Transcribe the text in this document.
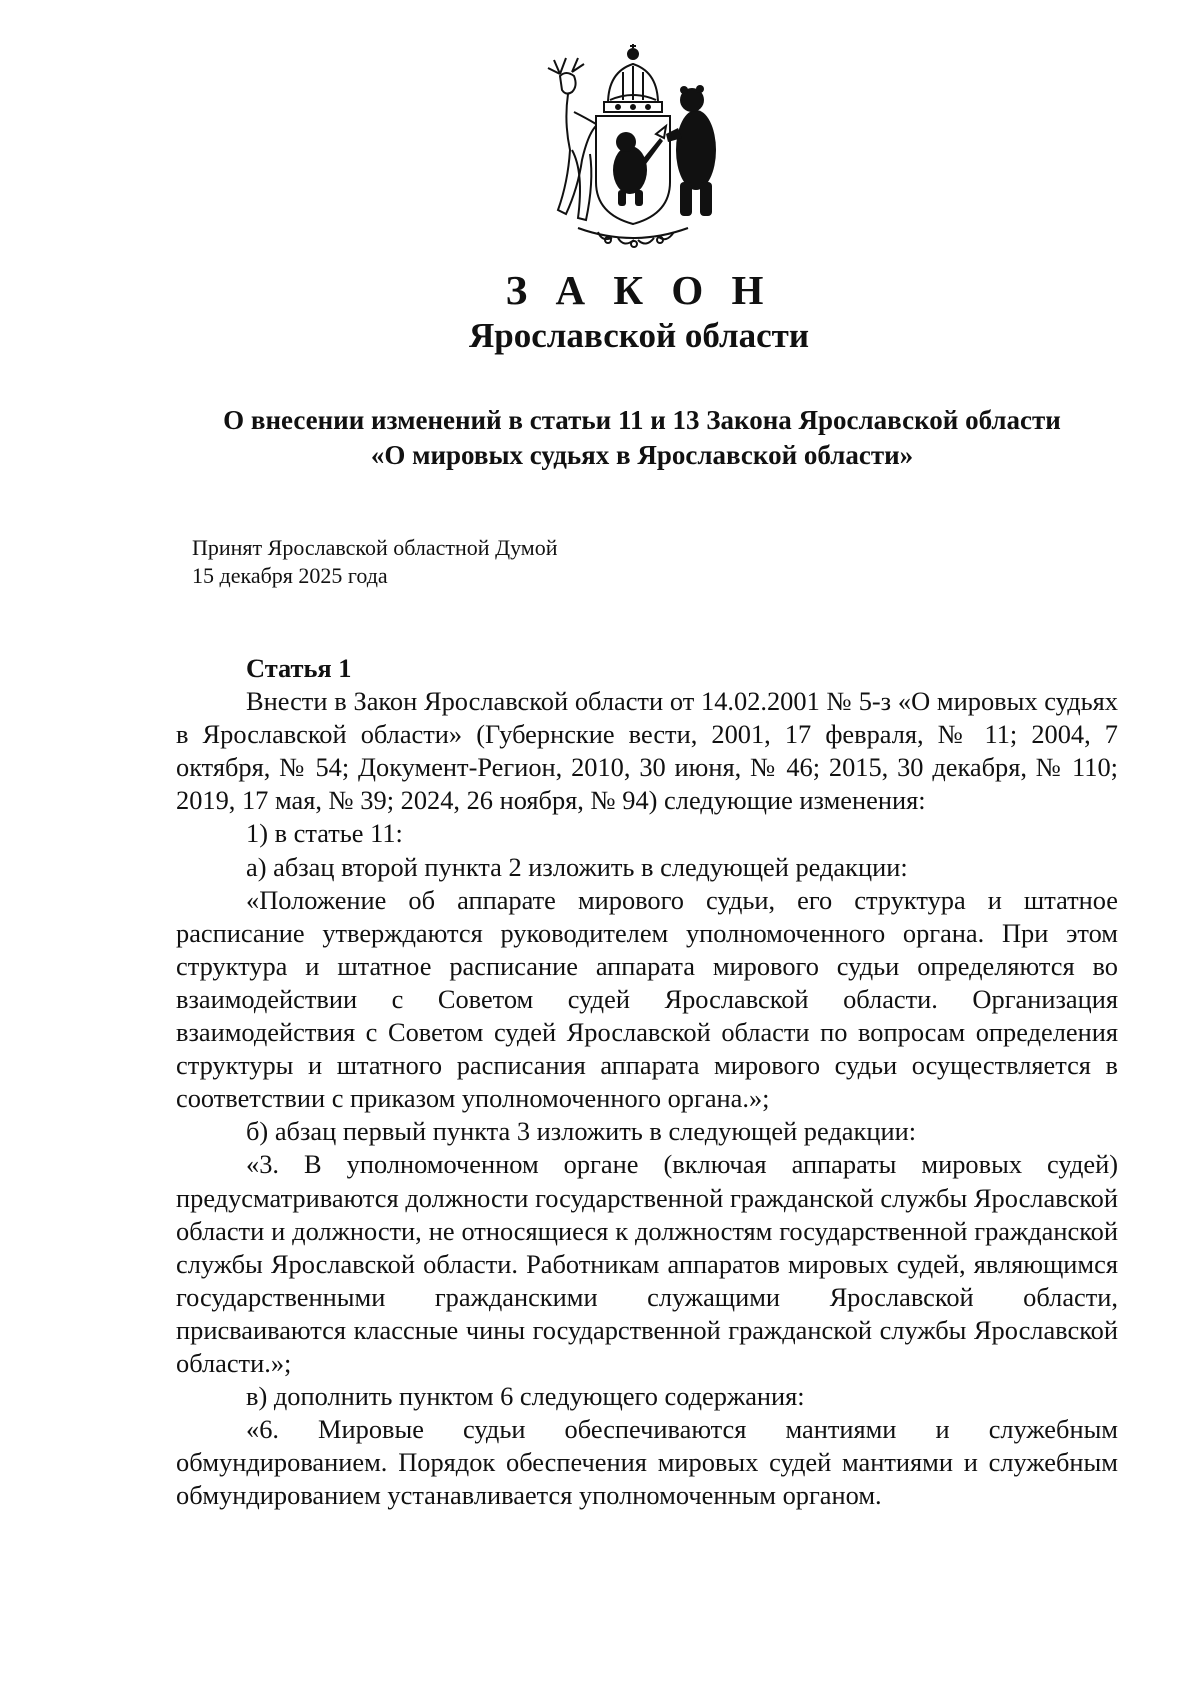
З А К О Н
Ярославской области
О внесении изменений в статьи 11 и 13 Закона Ярославской области
«О мировых судьях в Ярославской области»
Принят Ярославской областной Думой
15 декабря 2025 года

Статья 1

Внести в Закон Ярославской области от 14.02.2001 № 5-з «О мировых судьях в Ярославской области» (Губернские вести, 2001, 17 февраля, № 11; 2004, 7 октября, № 54; Документ-Регион, 2010, 30 июня, № 46; 2015, 30 декабря, № 110; 2019, 17 мая, № 39; 2024, 26 ноября, № 94) следующие изменения:

1) в статье 11:

а) абзац второй пункта 2 изложить в следующей редакции:

«Положение об аппарате мирового судьи, его структура и штатное расписание утверждаются руководителем уполномоченного органа. При этом структура и штатное расписание аппарата мирового судьи определяются во взаимодействии с Советом судей Ярославской области. Организация взаимодействия с Советом судей Ярославской области по вопросам определения структуры и штатного расписания аппарата мирового судьи осуществляется в соответствии с приказом уполномоченного органа.»;

б) абзац первый пункта 3 изложить в следующей редакции:

«3. В уполномоченном органе (включая аппараты мировых судей) предусматриваются должности государственной гражданской службы Ярославской области и должности, не относящиеся к должностям государственной гражданской службы Ярославской области. Работникам аппаратов мировых судей, являющимся государственными гражданскими служащими Ярославской области, присваиваются классные чины государственной гражданской службы Ярославской области.»;

в) дополнить пунктом 6 следующего содержания:

«6. Мировые судьи обеспечиваются мантиями и служебным обмундированием. Порядок обеспечения мировых судей мантиями и служебным обмундированием устанавливается уполномоченным органом.
